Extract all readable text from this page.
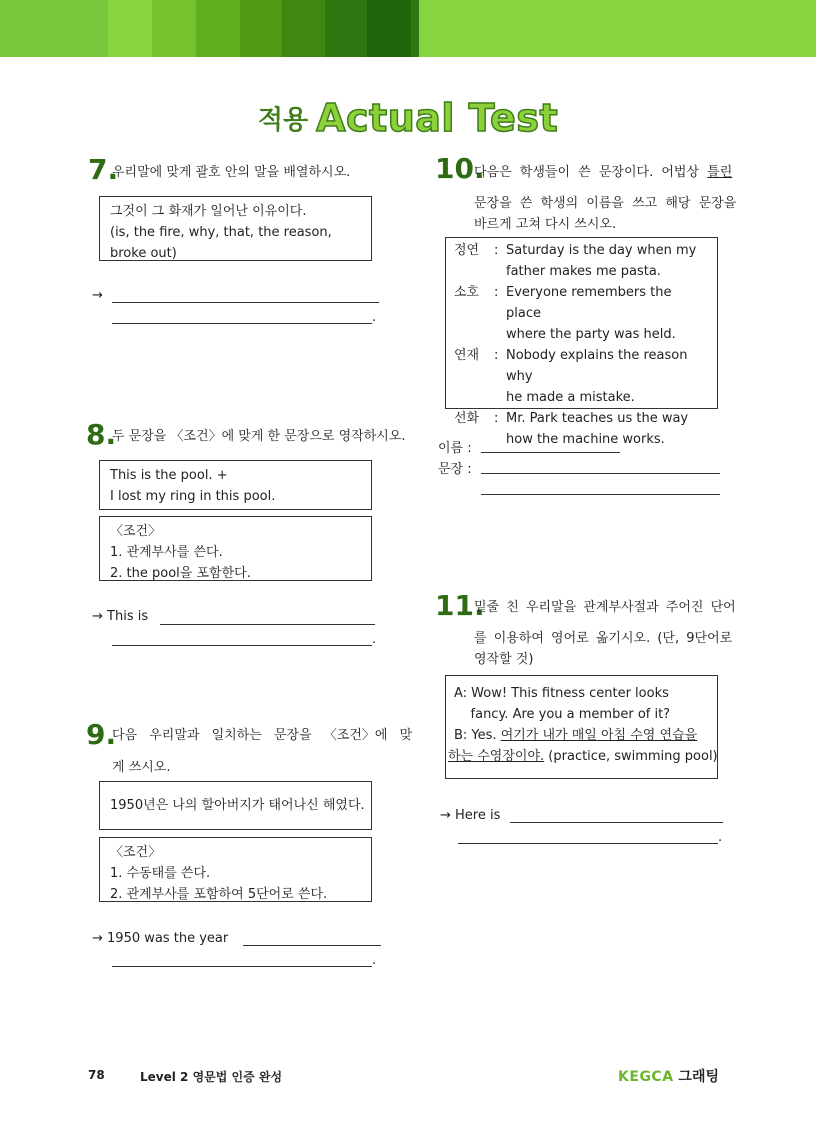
적용 Actual Test
7.
우리말에 맞게 괄호 안의 말을 배열하시오.

그것이 그 화재가 일어난 이유이다.

(is, the fire, why, that, the reason,

broke out)

→
.
8.
두 문장을 〈조건〉에 맞게 한 문장으로 영작하시오.

This is the pool. +

I lost my ring in this pool.

〈조건〉

1. 관계부사를 쓴다.

2. the pool을 포함한다.

→ This is
.
9.
다음 우리말과 일치하는 문장을 〈조건〉에 맞
게 쓰시오.

1950년은 나의 할아버지가 태어나신 해였다.

〈조건〉

1. 수동태를 쓴다.

2. 관계부사를 포함하여 5단어로 쓴다.

→ 1950 was the year
.
10.
다음은 학생들이 쓴 문장이다. 어법상 틀린
문장을 쓴 학생의 이름을 쓰고 해당 문장을
바르게 고쳐 다시 쓰시오.
정연	: Saturday is the day when my
father makes me pasta.
소호	: Everyone remembers the place
where the party was held.
연재	: Nobody explains the reason why
he made a mistake.
선화	: Mr. Park teaches us the way
how the machine works.
이름 :
문장 :
11.
밑줄 친 우리말을 관계부사절과 주어진 단어
를 이용하여 영어로 옮기시오. (단, 9단어로
영작할 것)

A: Wow! This fitness center looks

fancy. Are you a member of it?

B: Yes. 여기가 내가 매일 아침 수영 연습을

하는 수영장이야. (practice, swimming pool)

→ Here is
.
78	Level 2 영문법 인증 완성	KEGCA 그래팅
